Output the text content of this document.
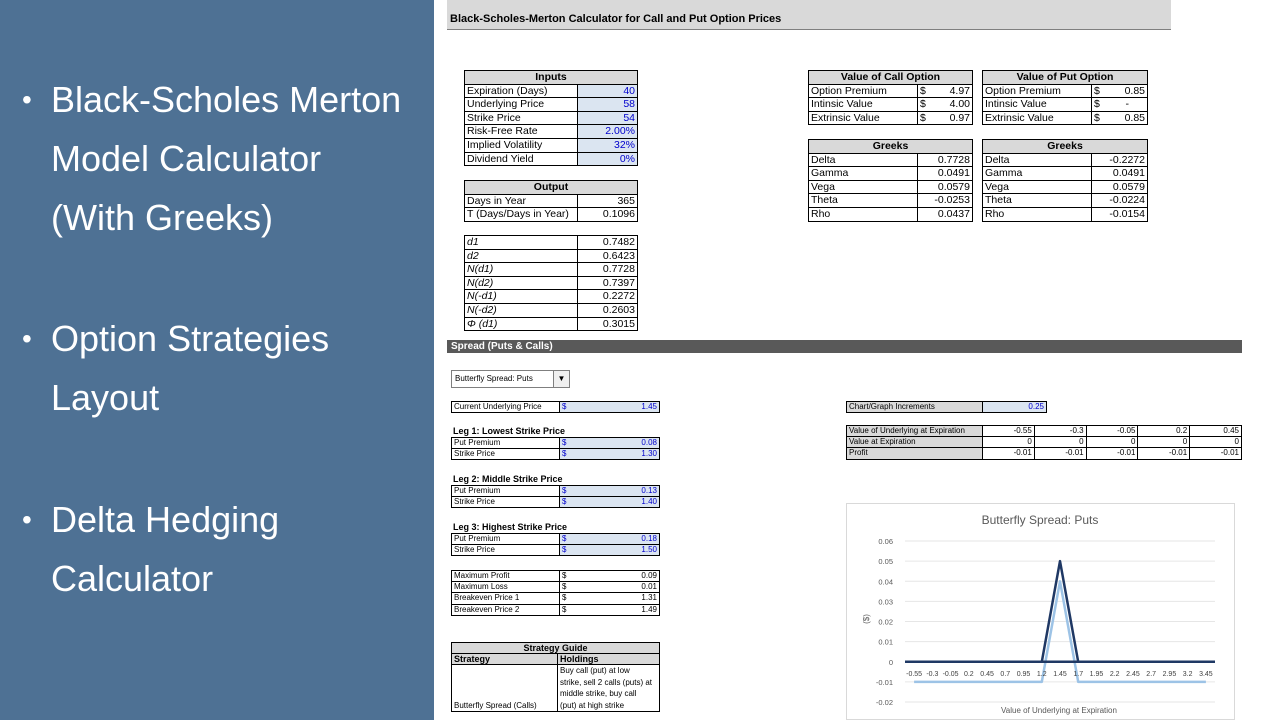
• Black-Scholes Merton
Model Calculator
(With Greeks)
• Option Strategies
Layout
• Delta Hedging
Calculator
Black-Scholes-Merton Calculator for Call and Put Option Prices
Inputs	
Expiration (Days)	40
Underlying Price	58
Strike Price	54
Risk-Free Rate	2.00%
Implied Volatility	32%
Dividend Yield	0%
Output	
Days in Year	365
T (Days/Days in Year)	0.1096
d1	0.7482
d2	0.6423
N(d1)	0.7728
N(d2)	0.7397
N(-d1)	0.2272
N(-d2)	0.2603
Φ (d1)	0.3015
Value of Call Option		
Option Premium	$	4.97
Intinsic Value	$	4.00
Extrinsic Value	$	0.97
Greeks	
Delta	0.7728
Gamma	0.0491
Vega	0.0579
Theta	-0.0253
Rho	0.0437
Value of Put Option		
Option Premium	$	0.85
Intinsic Value	$	-
Extrinsic Value	$	0.85
Greeks	
Delta	-0.2272
Gamma	0.0491
Vega	0.0579
Theta	-0.0224
Rho	-0.0154
Spread (Puts & Calls)
Butterfly Spread: Puts	▼
Current Underlying Price	$	1.45
Leg 1: Lowest Strike Price
Put Premium	$	0.08
Strike Price	$	1.30
Leg 2: Middle Strike Price
Put Premium	$	0.13
Strike Price	$	1.40
Leg 3: Highest Strike Price
Put Premium	$	0.18
Strike Price	$	1.50
Maximum Profit	$	0.09
Maximum Loss	$	0.01
Breakeven Price 1	$	1.31
Breakeven Price 2	$	1.49
Strategy Guide	
Strategy	Holdings
Butterfly Spread (Calls)	Buy call (put) at low
strike, sell 2 calls (puts) at
middle strike, buy call
(put) at high strike
Chart/Graph Increments	0.25
Value of Underlying at Expiration	-0.55	-0.3	-0.05	0.2	0.45
Value at Expiration	0	0	0	0	0
Profit	-0.01	-0.01	-0.01	-0.01	-0.01
Butterfly Spread: Puts
Value of Underlying at Expiration
($)
0.06
0.05
0.04
0.03
0.02
0.01
0
-0.01
-0.02
-0.55 -0.3 -0.05 0.2 0.45 0.7 0.95 1.2 1.45 1.7 1.95 2.2 2.45 2.7 2.95 3.2 3.45
